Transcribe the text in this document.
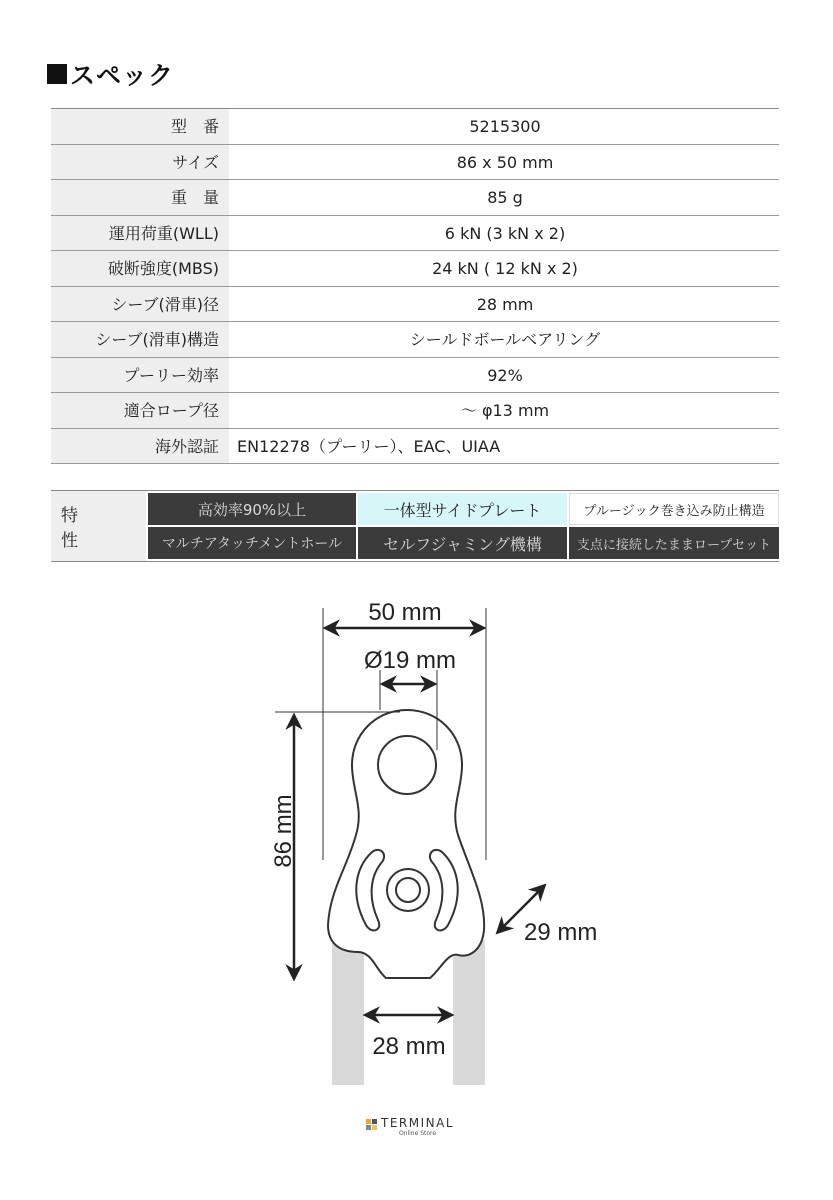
スペック
型　番	5215300
サイズ	86 x 50 mm
重　量	85 g
運用荷重(WLL)	6 kN (3 kN x 2)
破断強度(MBS)	24 kN ( 12 kN x 2)
シーブ(滑車)径	28 mm
シーブ(滑車)構造	シールドボールベアリング
プーリー効率	92%
適合ロープ径	～ φ13 mm
海外認証	EN12278（プーリー）、EAC、UIAA
特　性
高効率90%以上	一体型サイドプレート	プルージック巻き込み防止構造
マルチアタッチメントホール	セルフジャミング機構	支点に接続したままロープセット
50 mm
Ø19 mm
86 mm
29 mm
28 mm
TERMINAL
Online Store
